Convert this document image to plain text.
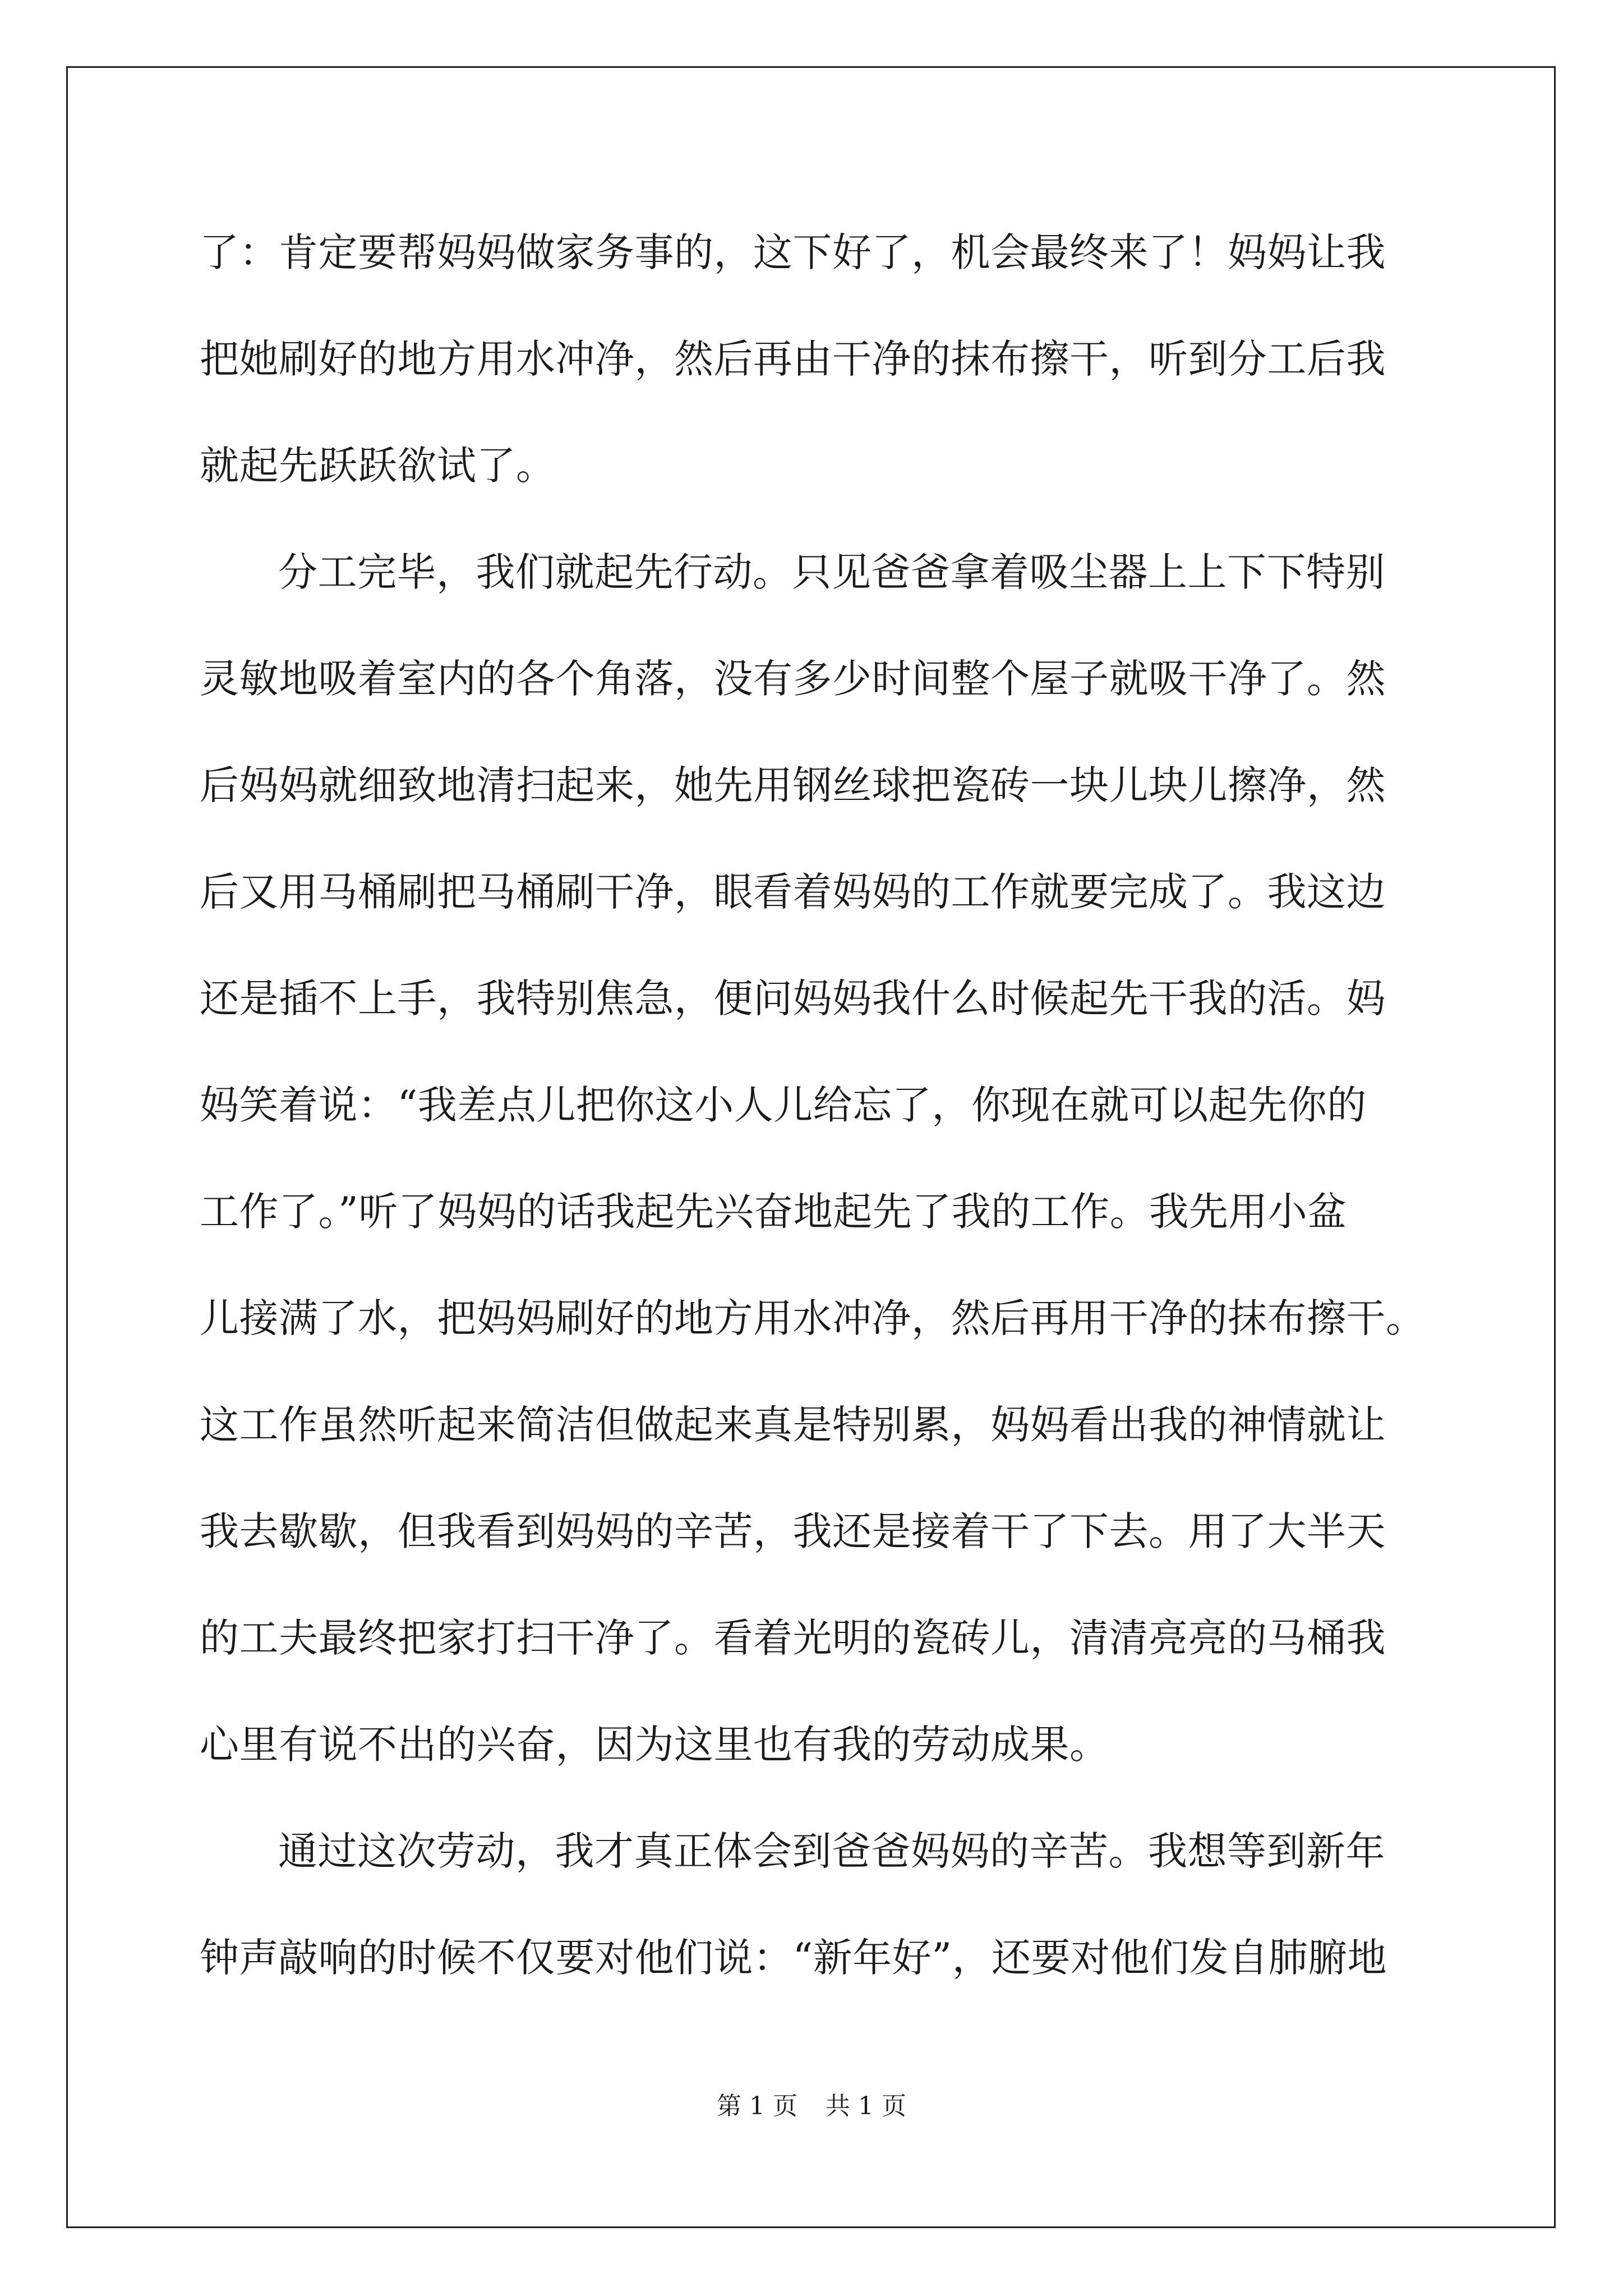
了：肯定要帮妈妈做家务事的，这下好了，机会最终来了！妈妈让我
把她刷好的地方用水冲净，然后再由干净的抹布擦干，听到分工后我
就起先跃跃欲试了。
分工完毕，我们就起先行动。只见爸爸拿着吸尘器上上下下特别
灵敏地吸着室内的各个角落，没有多少时间整个屋子就吸干净了。然
后妈妈就细致地清扫起来，她先用钢丝球把瓷砖一块儿块儿擦净，然
后又用马桶刷把马桶刷干净，眼看着妈妈的工作就要完成了。我这边
还是插不上手，我特别焦急，便问妈妈我什么时候起先干我的活。妈
妈笑着说：“我差点儿把你这小人儿给忘了，你现在就可以起先你的
工作了。”听了妈妈的话我起先兴奋地起先了我的工作。我先用小盆
儿接满了水，把妈妈刷好的地方用水冲净，然后再用干净的抹布擦干。
这工作虽然听起来简洁但做起来真是特别累，妈妈看出我的神情就让
我去歇歇，但我看到妈妈的辛苦，我还是接着干了下去。用了大半天
的工夫最终把家打扫干净了。看着光明的瓷砖儿，清清亮亮的马桶我
心里有说不出的兴奋，因为这里也有我的劳动成果。
通过这次劳动，我才真正体会到爸爸妈妈的辛苦。我想等到新年
钟声敲响的时候不仅要对他们说：“新年好”，还要对他们发自肺腑地
第 1 页 共 1 页
